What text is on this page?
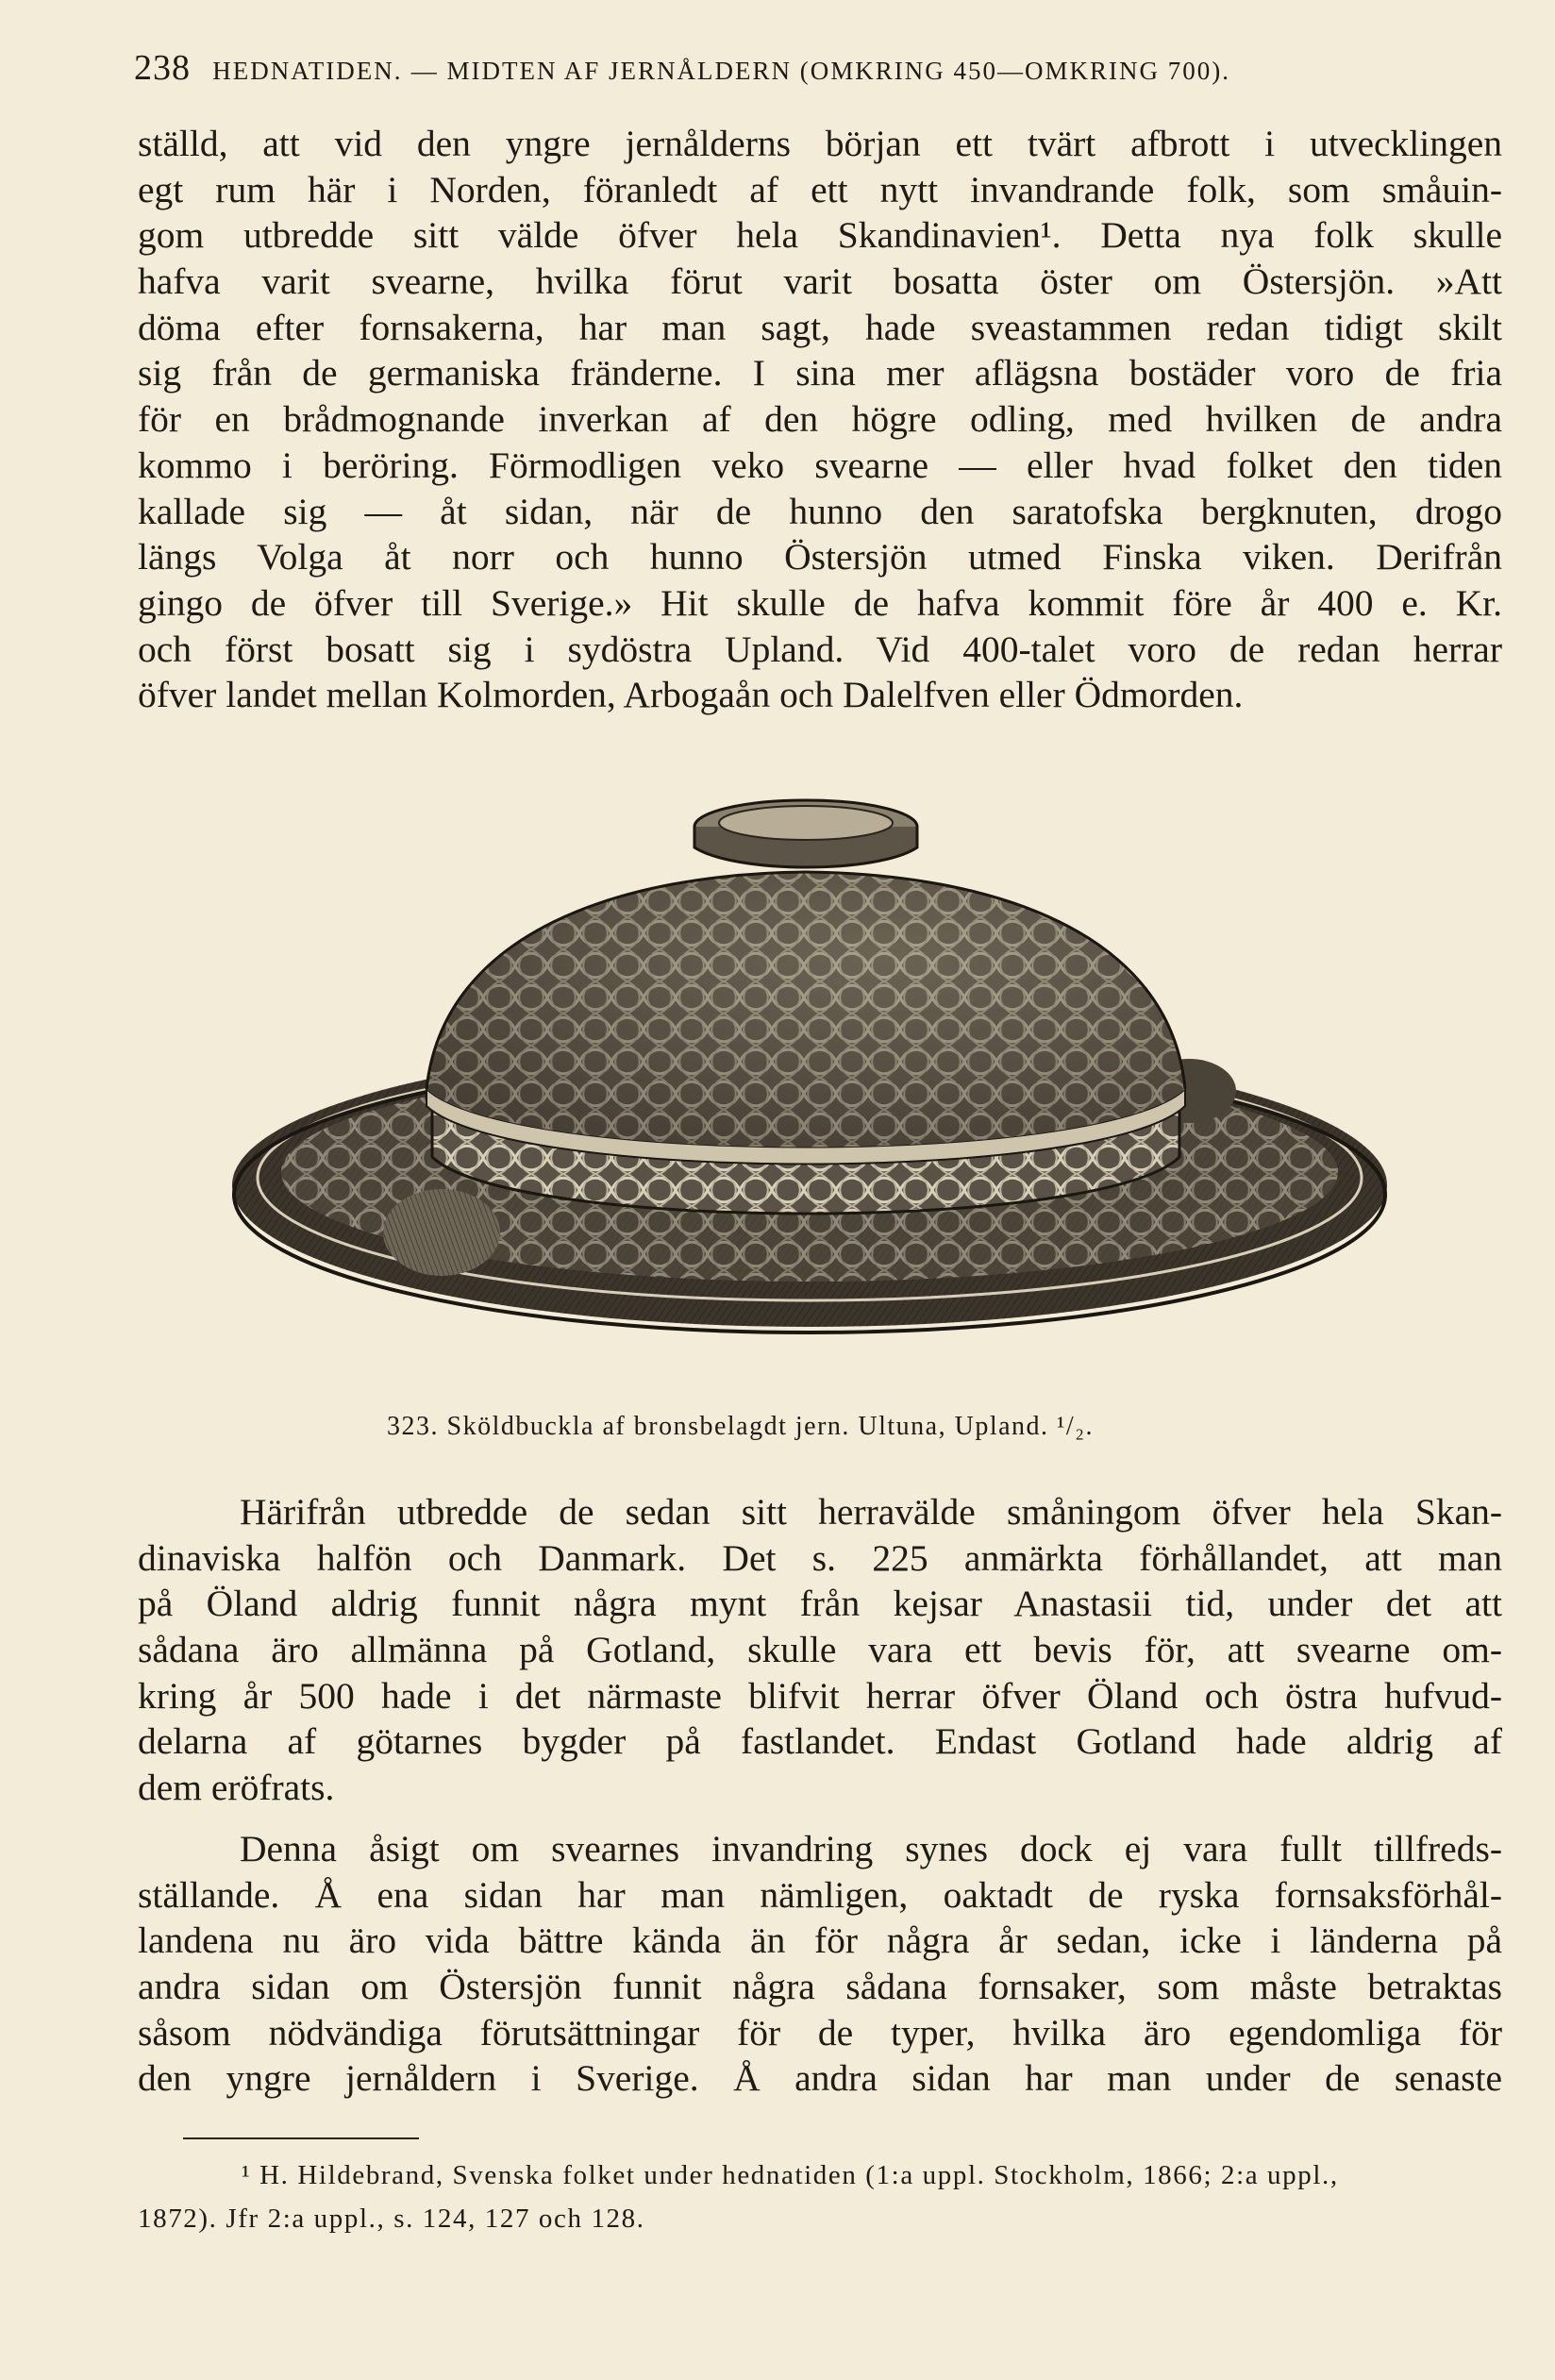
238 HEDNATIDEN. — MIDTEN AF JERNÅLDERN (OMKRING 450—OMKRING 700).
ställd, att vid den yngre jernålderns början ett tvärt afbrott i utvecklingen
egt rum här i Norden, föranledt af ett nytt invandrande folk, som småuin-
gom utbredde sitt välde öfver hela Skandinavien¹. Detta nya folk skulle
hafva varit svearne, hvilka förut varit bosatta öster om Östersjön. »Att
döma efter fornsakerna, har man sagt, hade sveastammen redan tidigt skilt
sig från de germaniska fränderne. I sina mer aflägsna bostäder voro de fria
för en brådmognande inverkan af den högre odling, med hvilken de andra
kommo i beröring. Förmodligen veko svearne — eller hvad folket den tiden
kallade sig — åt sidan, när de hunno den saratofska bergknuten, drogo
längs Volga åt norr och hunno Östersjön utmed Finska viken. Derifrån
gingo de öfver till Sverige.» Hit skulle de hafva kommit före år 400 e. Kr.
och först bosatt sig i sydöstra Upland. Vid 400-talet voro de redan herrar
öfver landet mellan Kolmorden, Arbogaån och Dalelfven eller Ödmorden.
323. Sköldbuckla af bronsbelagdt jern. Ultuna, Upland. ¹/₂.
Härifrån utbredde de sedan sitt herravälde småningom öfver hela Skan-
dinaviska halfön och Danmark. Det s. 225 anmärkta förhållandet, att man
på Öland aldrig funnit några mynt från kejsar Anastasii tid, under det att
sådana äro allmänna på Gotland, skulle vara ett bevis för, att svearne om-
kring år 500 hade i det närmaste blifvit herrar öfver Öland och östra hufvud-
delarna af götarnes bygder på fastlandet. Endast Gotland hade aldrig af
dem eröfrats.
Denna åsigt om svearnes invandring synes dock ej vara fullt tillfreds-
ställande. Å ena sidan har man nämligen, oaktadt de ryska fornsaksförhål-
landena nu äro vida bättre kända än för några år sedan, icke i länderna på
andra sidan om Östersjön funnit några sådana fornsaker, som måste betraktas
såsom nödvändiga förutsättningar för de typer, hvilka äro egendomliga för
den yngre jernåldern i Sverige. Å andra sidan har man under de senaste
¹ H. Hildebrand, Svenska folket under hednatiden (1:a uppl. Stockholm, 1866; 2:a uppl.,
1872). Jfr 2:a uppl., s. 124, 127 och 128.
